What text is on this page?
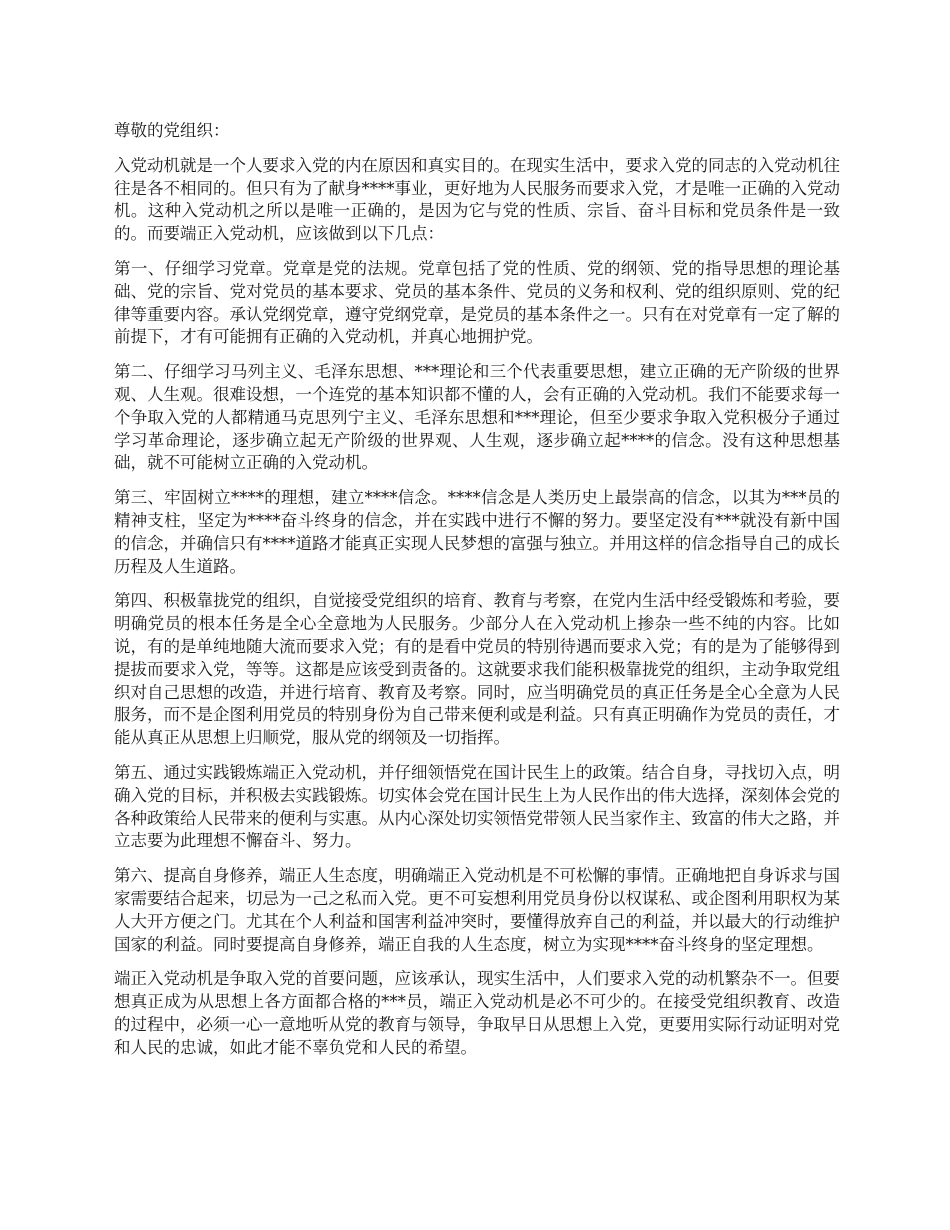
尊敬的党组织：

入党动机就是一个人要求入党的内在原因和真实目的。在现实生活中，要求入党的同志的入党动机往往是各不相同的。但只有为了献身****事业，更好地为人民服务而要求入党，才是唯一正确的入党动机。这种入党动机之所以是唯一正确的，是因为它与党的性质、宗旨、奋斗目标和党员条件是一致的。而要端正入党动机，应该做到以下几点：

第一、仔细学习党章。党章是党的法规。党章包括了党的性质、党的纲领、党的指导思想的理论基础、党的宗旨、党对党员的基本要求、党员的基本条件、党员的义务和权利、党的组织原则、党的纪律等重要内容。承认党纲党章，遵守党纲党章，是党员的基本条件之一。只有在对党章有一定了解的前提下，才有可能拥有正确的入党动机，并真心地拥护党。

第二、仔细学习马列主义、毛泽东思想、***理论和三个代表重要思想，建立正确的无产阶级的世界观、人生观。很难设想，一个连党的基本知识都不懂的人，会有正确的入党动机。我们不能要求每一个争取入党的人都精通马克思列宁主义、毛泽东思想和***理论，但至少要求争取入党积极分子通过学习革命理论，逐步确立起无产阶级的世界观、人生观，逐步确立起****的信念。没有这种思想基础，就不可能树立正确的入党动机。

第三、牢固树立****的理想，建立****信念。****信念是人类历史上最崇高的信念，以其为***员的精神支柱，坚定为****奋斗终身的信念，并在实践中进行不懈的努力。要坚定没有***就没有新中国的信念，并确信只有****道路才能真正实现人民梦想的富强与独立。并用这样的信念指导自己的成长历程及人生道路。

第四、积极靠拢党的组织，自觉接受党组织的培育、教育与考察，在党内生活中经受锻炼和考验，要明确党员的根本任务是全心全意地为人民服务。少部分人在入党动机上掺杂一些不纯的内容。比如说，有的是单纯地随大流而要求入党；有的是看中党员的特别待遇而要求入党；有的是为了能够得到提拔而要求入党，等等。这都是应该受到责备的。这就要求我们能积极靠拢党的组织，主动争取党组织对自己思想的改造，并进行培育、教育及考察。同时，应当明确党员的真正任务是全心全意为人民服务，而不是企图利用党员的特别身份为自己带来便利或是利益。只有真正明确作为党员的责任，才能从真正从思想上归顺党，服从党的纲领及一切指挥。

第五、通过实践锻炼端正入党动机，并仔细领悟党在国计民生上的政策。结合自身，寻找切入点，明确入党的目标，并积极去实践锻炼。切实体会党在国计民生上为人民作出的伟大选择，深刻体会党的各种政策给人民带来的便利与实惠。从内心深处切实领悟党带领人民当家作主、致富的伟大之路，并立志要为此理想不懈奋斗、努力。

第六、提高自身修养，端正人生态度，明确端正入党动机是不可松懈的事情。正确地把自身诉求与国家需要结合起来，切忌为一己之私而入党。更不可妄想利用党员身份以权谋私、或企图利用职权为某人大开方便之门。尤其在个人利益和国害利益冲突时，要懂得放弃自己的利益，并以最大的行动维护国家的利益。同时要提高自身修养，端正自我的人生态度，树立为实现****奋斗终身的坚定理想。

端正入党动机是争取入党的首要问题，应该承认，现实生活中，人们要求入党的动机繁杂不一。但要想真正成为从思想上各方面都合格的***员，端正入党动机是必不可少的。在接受党组织教育、改造的过程中，必须一心一意地听从党的教育与领导，争取早日从思想上入党，更要用实际行动证明对党和人民的忠诚，如此才能不辜负党和人民的希望。
